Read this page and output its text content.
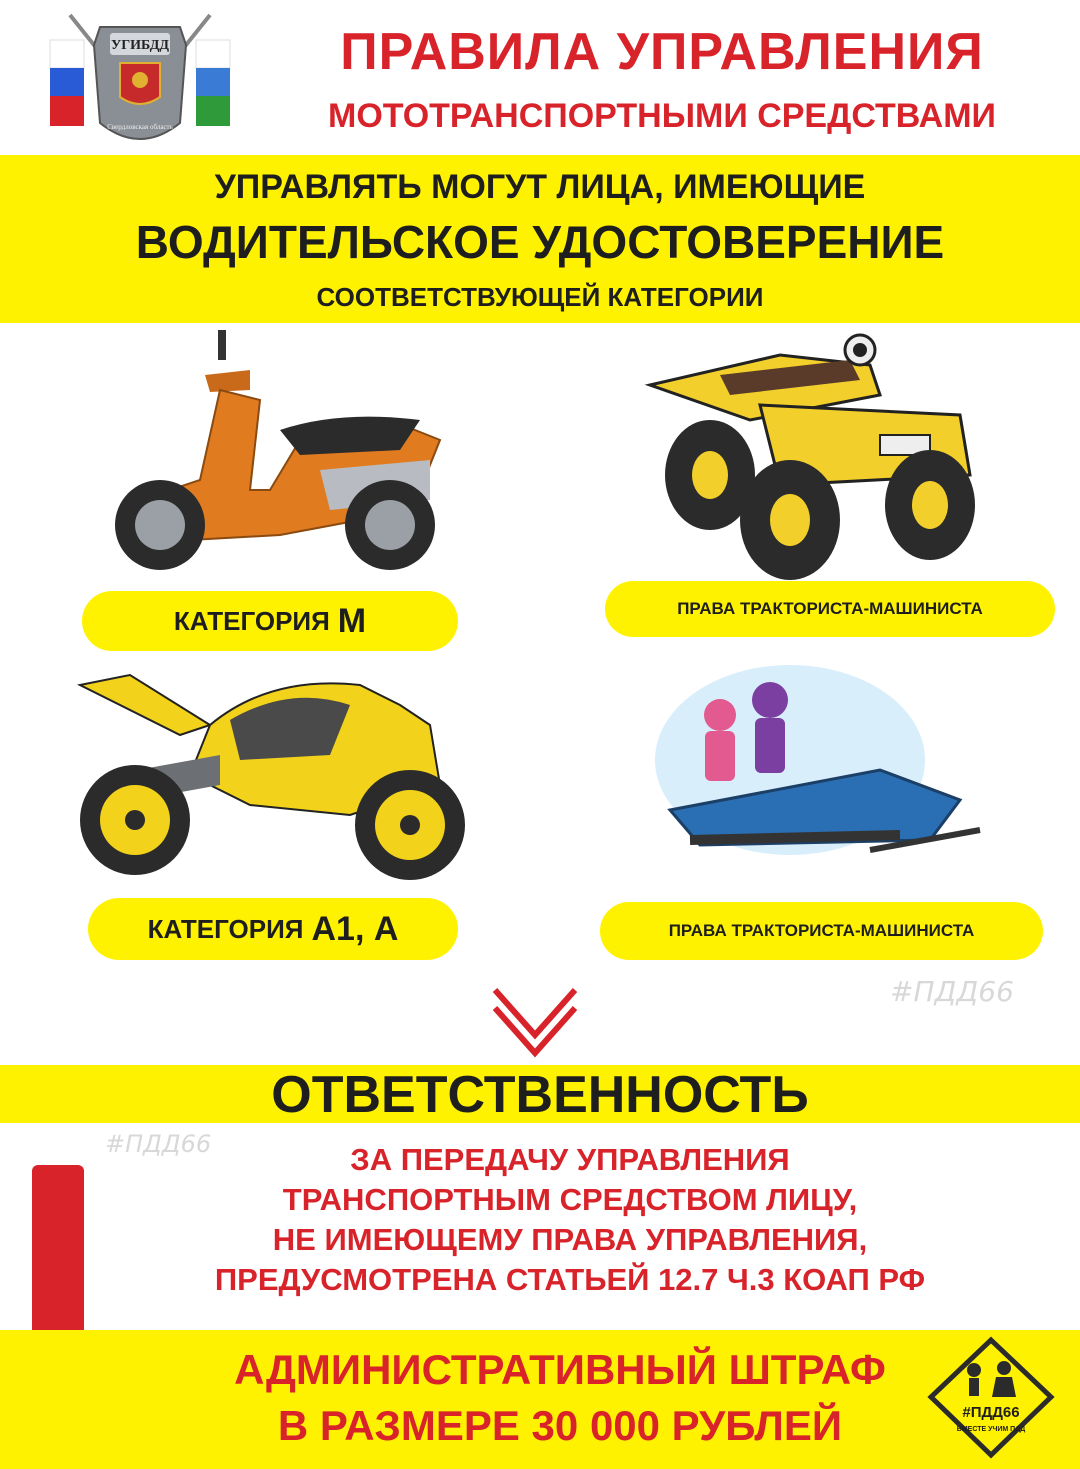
УГИБДД
Свердловская область
ПРАВИЛА УПРАВЛЕНИЯ
МОТОТРАНСПОРТНЫМИ СРЕДСТВАМИ
УПРАВЛЯТЬ МОГУТ ЛИЦА, ИМЕЮЩИЕ
ВОДИТЕЛЬСКОЕ УДОСТОВЕРЕНИЕ
СООТВЕТСТВУЮЩЕЙ КАТЕГОРИИ
КАТЕГОРИЯ М	ПРАВА ТРАКТОРИСТА-МАШИНИСТА
КАТЕГОРИЯ А1, А	ПРАВА ТРАКТОРИСТА-МАШИНИСТА
#ПДД66
ОТВЕТСТВЕННОСТЬ
#ПДД66	ЗА ПЕРЕДАЧУ УПРАВЛЕНИЯ
ТРАНСПОРТНЫМ СРЕДСТВОМ ЛИЦУ,
НЕ ИМЕЮЩЕМУ ПРАВА УПРАВЛЕНИЯ,
ПРЕДУСМОТРЕНА СТАТЬЕЙ 12.7 Ч.3 КОАП РФ
АДМИНИСТРАТИВНЫЙ ШТРАФ
В РАЗМЕРЕ 30 000 РУБЛЕЙ	#ПДД66
ВМЕСТЕ УЧИМ ПДД
